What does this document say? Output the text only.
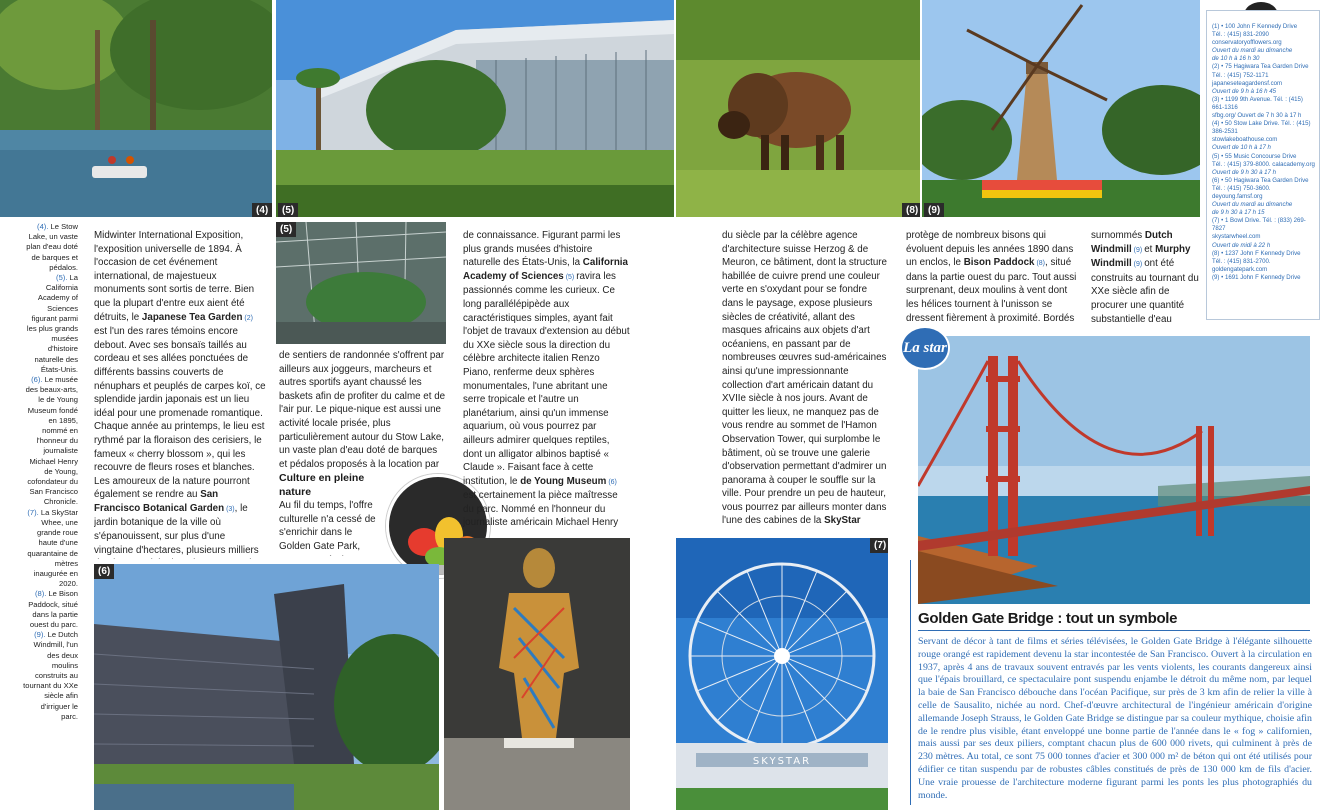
(4)	(5)	(8) (9)

(4). Le Stow Lake, un vaste plan d'eau doté de barques et pédalos.

(5). La California Academy of Sciences figurant parmi les plus grands musées d'histoire naturelle des États-Unis.

(6). Le musée des beaux-arts, le de Young Museum fondé en 1895, nommé en l'honneur du journaliste Michael Henry de Young, cofondateur du San Francisco Chronicle.

(7). La SkyStar Whee, une grande roue haute d'une quarantaine de mètres inaugurée en 2020.

(8). Le Bison Paddock, situé dans la partie ouest du parc.

(9). Le Dutch Windmill, l'un des deux moulins construits au tournant du XXe siècle afin d'irriguer le parc.

Midwinter International Exposition, l'exposition universelle de 1894. À l'occasion de cet événement international, de majestueux monuments sont sortis de terre. Bien que la plupart d'entre eux aient été détruits, le Japanese Tea Garden (2) est l'un des rares témoins encore debout. Avec ses bonsaïs taillés au cordeau et ses allées ponctuées de différents bassins couverts de nénuphars et peuplés de carpes koï, ce splendide jardin japonais est un lieu idéal pour une promenade romantique. Chaque année au printemps, le lieu est rythmé par la floraison des cerisiers, le fameux « cherry blossom », qui les recouvre de fleurs roses et blanches. Les amoureux de la nature pourront également se rendre au San Francisco Botanical Garden (3), le jardin botanique de la ville où s'épanouissent, sur plus d'une vingtaine d'hectares, plusieurs milliers

(5)

de sentiers de randonnée s'offrent par ailleurs aux joggeurs, marcheurs et autres sportifs ayant chaussé les baskets afin de profiter du calme et de l'air pur. Le pique-nique est aussi une activité locale prisée, plus particulièrement autour du Stow Lake, un vaste plan d'eau doté de barques et pédalos proposés à la location par

Culture en pleine nature

Au fil du temps, l'offre culturelle n'a cessé de s'enrichir dans le Golden Gate Park,

de connaissance. Figurant parmi les plus grands musées d'histoire naturelle des États-Unis, la California Academy of Sciences (5) ravira les passionnés comme les curieux. Ce long parallélépipède aux caractéristiques simples, ayant fait l'objet de travaux d'extension au début du XXe siècle sous la direction du célèbre architecte italien Renzo Piano, renferme deux sphères monumentales, l'une abritant une serre tropicale et l'autre un planétarium, ainsi qu'un immense aquarium, où vous pourrez par ailleurs admirer quelques reptiles, dont un alligator albinos baptisé « Claude ». Faisant face à cette institution, le de Young Museum (6) est certainement la pièce maîtresse du parc. Nommé en l'honneur du journaliste américain Michael Henry

du siècle par la célèbre agence d'architecture suisse Herzog & de Meuron, ce bâtiment, dont la structure habillée de cuivre prend une couleur verte en s'oxydant pour se fondre dans le paysage, expose plusieurs siècles de créativité, allant des masques africains aux objets d'art océaniens, en passant par de nombreuses œuvres sud-américaines ainsi qu'une impressionnante collection d'art américain datant du XVIIe siècle à nos jours. Avant de quitter les lieux, ne manquez pas de vous rendre au sommet de l'Hamon Observation Tower, qui surplombe le bâtiment, où se trouve une galerie d'observation permettant d'admirer un panorama à couper le souffle sur la ville. Pour prendre un peu de hauteur, vous pourrez par ailleurs monter dans l'une des cabines de la SkyStar

protège de nombreux bisons qui évoluent depuis les années 1890 dans un enclos, le Bison Paddock (8), situé dans la partie ouest du parc. Tout aussi surprenant, deux moulins à vent dont les hélices tournent à l'unisson se dressent fièrement à proximité. Bordés

surnommés Dutch Windmill (9) et Murphy Windmill (9) ont été construits au tournant du XXe siècle afin de procurer une quantité substantielle d'eau

(1) • 100 John F Kennedy Drive
Tél. : (415) 831-2090
conservatoryofflowers.org
Ouvert du mardi au dimanche
de 10 h à 16 h 30
(2) • 75 Hagiwara Tea Garden Drive
Tél. : (415) 752-1171
japaneseteagardensf.com
Ouvert de 9 h à 16 h 45
(3) • 1199 9th Avenue. Tél. : (415) 661-1316
sfbg.org/ Ouvert de 7 h 30 à 17 h
(4) • 50 Stow Lake Drive. Tél. : (415) 386-2531
stowlakeboathouse.com
Ouvert de 10 h à 17 h
(5) • 55 Music Concourse Drive
Tél. : (415) 379-8000. calacademy.org
Ouvert de 9 h 30 à 17 h
(6) • 50 Hagiwara Tea Garden Drive
Tél. : (415) 750-3600. deyoung.famsf.org
Ouvert du mardi au dimanche
de 9 h 30 à 17 h 15
(7) • 1 Bowl Drive. Tél. : (833) 269-7827
skystarwheel.com
Ouvert de midi à 22 h
(8) • 1237 John F Kennedy Drive
Tél. : (415) 831-2700. goldengatepark.com
(9) • 1691 John F Kennedy Drive
(6)
SKYSTAR
(7)
La star
Golden Gate Bridge : tout un symbole
Servant de décor à tant de films et séries télévisées, le Golden Gate Bridge à l'élégante silhouette rouge orangé est rapidement devenu la star incontestée de San Francisco. Ouvert à la circulation en 1937, après 4 ans de travaux souvent entravés par les vents violents, les courants dangereux ainsi que l'épais brouillard, ce spectaculaire pont suspendu enjambe le détroit du même nom, par lequel la baie de San Francisco débouche dans l'océan Pacifique, sur près de 3 km afin de relier la ville à celle de Sausalito, nichée au nord. Chef-d'œuvre architectural de l'ingénieur américain d'origine allemande Joseph Strauss, le Golden Gate Bridge se distingue par sa couleur mythique, choisie afin de le rendre plus visible, étant enveloppé une bonne partie de l'année dans le « fog » californien, mais aussi par ses deux piliers, comptant chacun plus de 600 000 rivets, qui culminent à près de 230 mètres. Au total, ce sont 75 000 tonnes d'acier et 300 000 m² de béton qui ont été utilisés pour édifier ce titan suspendu par de robustes câbles constitués de près de 130 000 km de fils d'acier. Une vraie prouesse de l'architecture moderne figurant parmi les ponts les plus photographiés du monde.
